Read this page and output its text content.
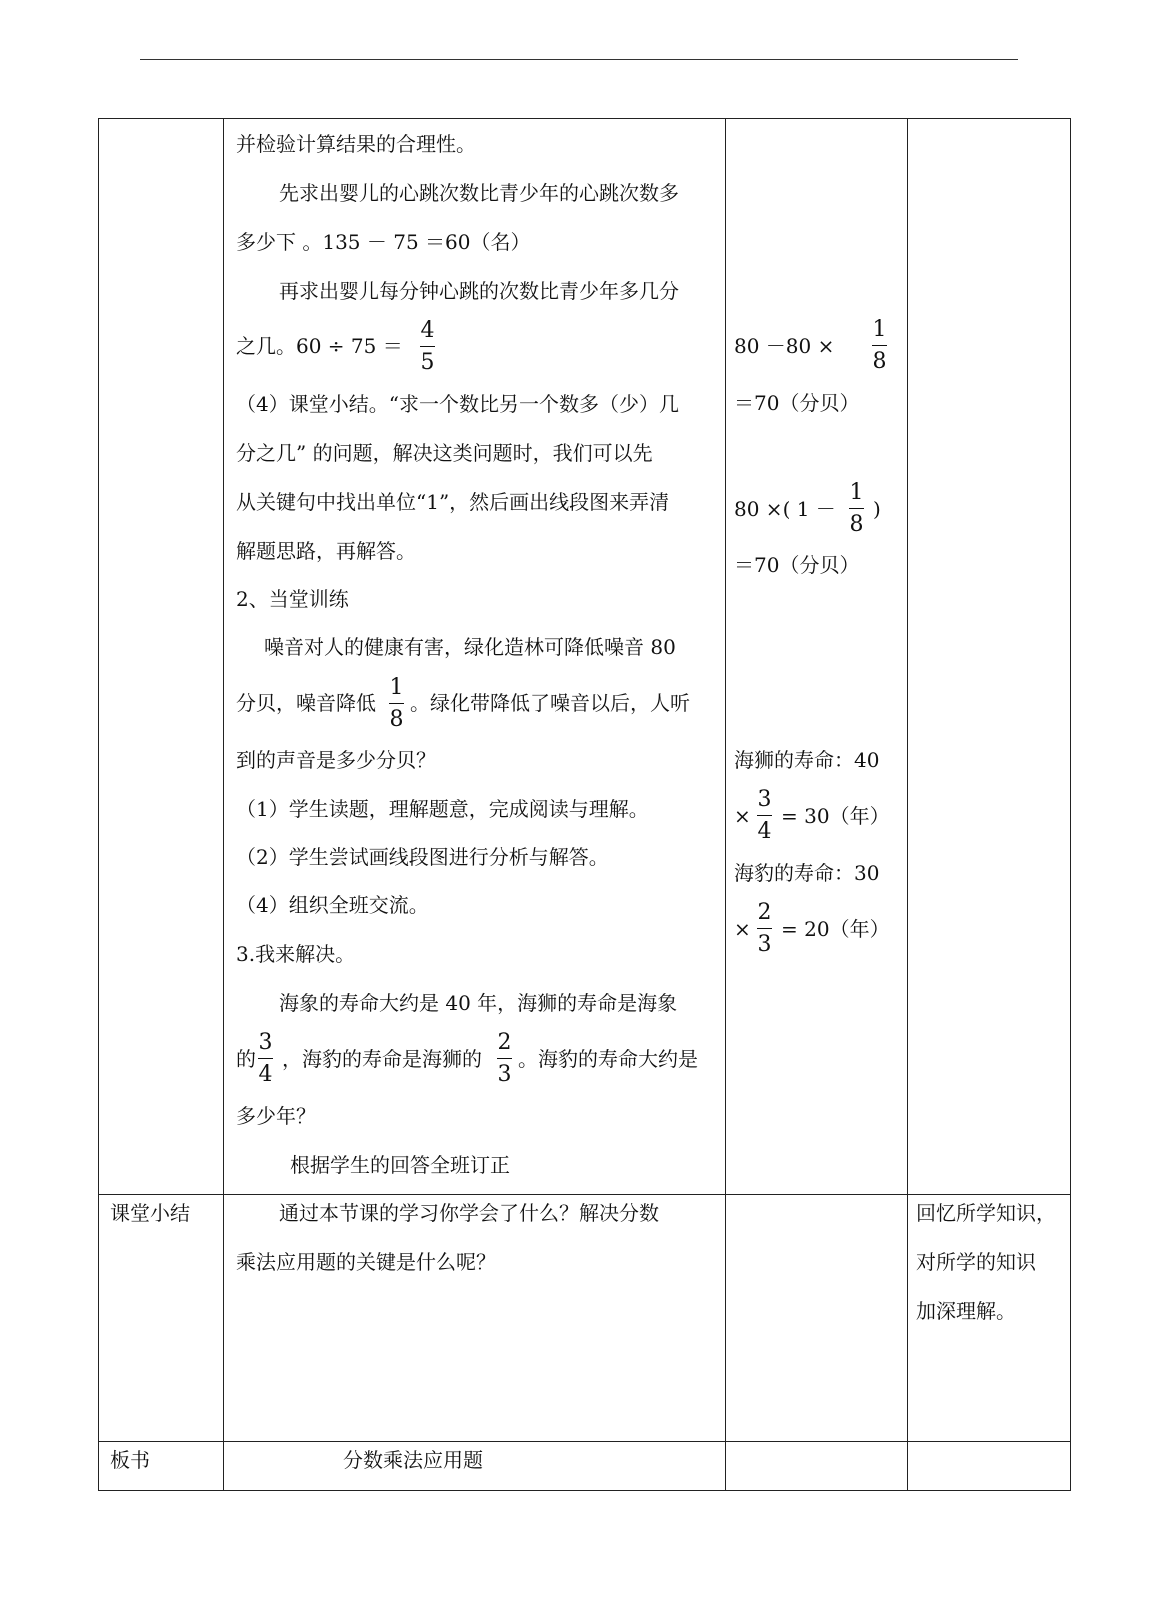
并检验计算结果的合理性。
先求出婴儿的心跳次数比青少年的心跳次数多
多少下 。135 － 75 ＝60（名）
再求出婴儿每分钟心跳的次数比青少年多几分
之几。60 ÷ 75 ＝
4
5
（4）课堂小结。“求一个数比另一个数多（少）几
分之几” 的问题，解决这类问题时，我们可以先
从关键句中找出单位“1”，然后画出线段图来弄清
解题思路，再解答。
2、当堂训练
噪音对人的健康有害，绿化造林可降低噪音 80
分贝，噪音降低
1
8
。绿化带降低了噪音以后，人听
到的声音是多少分贝？
（1）学生读题，理解题意，完成阅读与理解。
（2）学生尝试画线段图进行分析与解答。
（4）组织全班交流。
3.我来解决。
海象的寿命大约是 40 年，海狮的寿命是海象
的
3
4
，海豹的寿命是海狮的
2
3
。海豹的寿命大约是
多少年？
根据学生的回答全班订正
80 －80 ×
1
8
＝70（分贝）
80 ×( 1 －
1
8
)
＝70（分贝）
海狮的寿命：40
×
3
4
= 30（年）
海豹的寿命：30
×
2
3
= 20（年）
课堂小结	通过本节课的学习你学会了什么？解决分数
乘法应用题的关键是什么呢？
回忆所学知识，
对所学的知识
加深理解。
板书	分数乘法应用题
